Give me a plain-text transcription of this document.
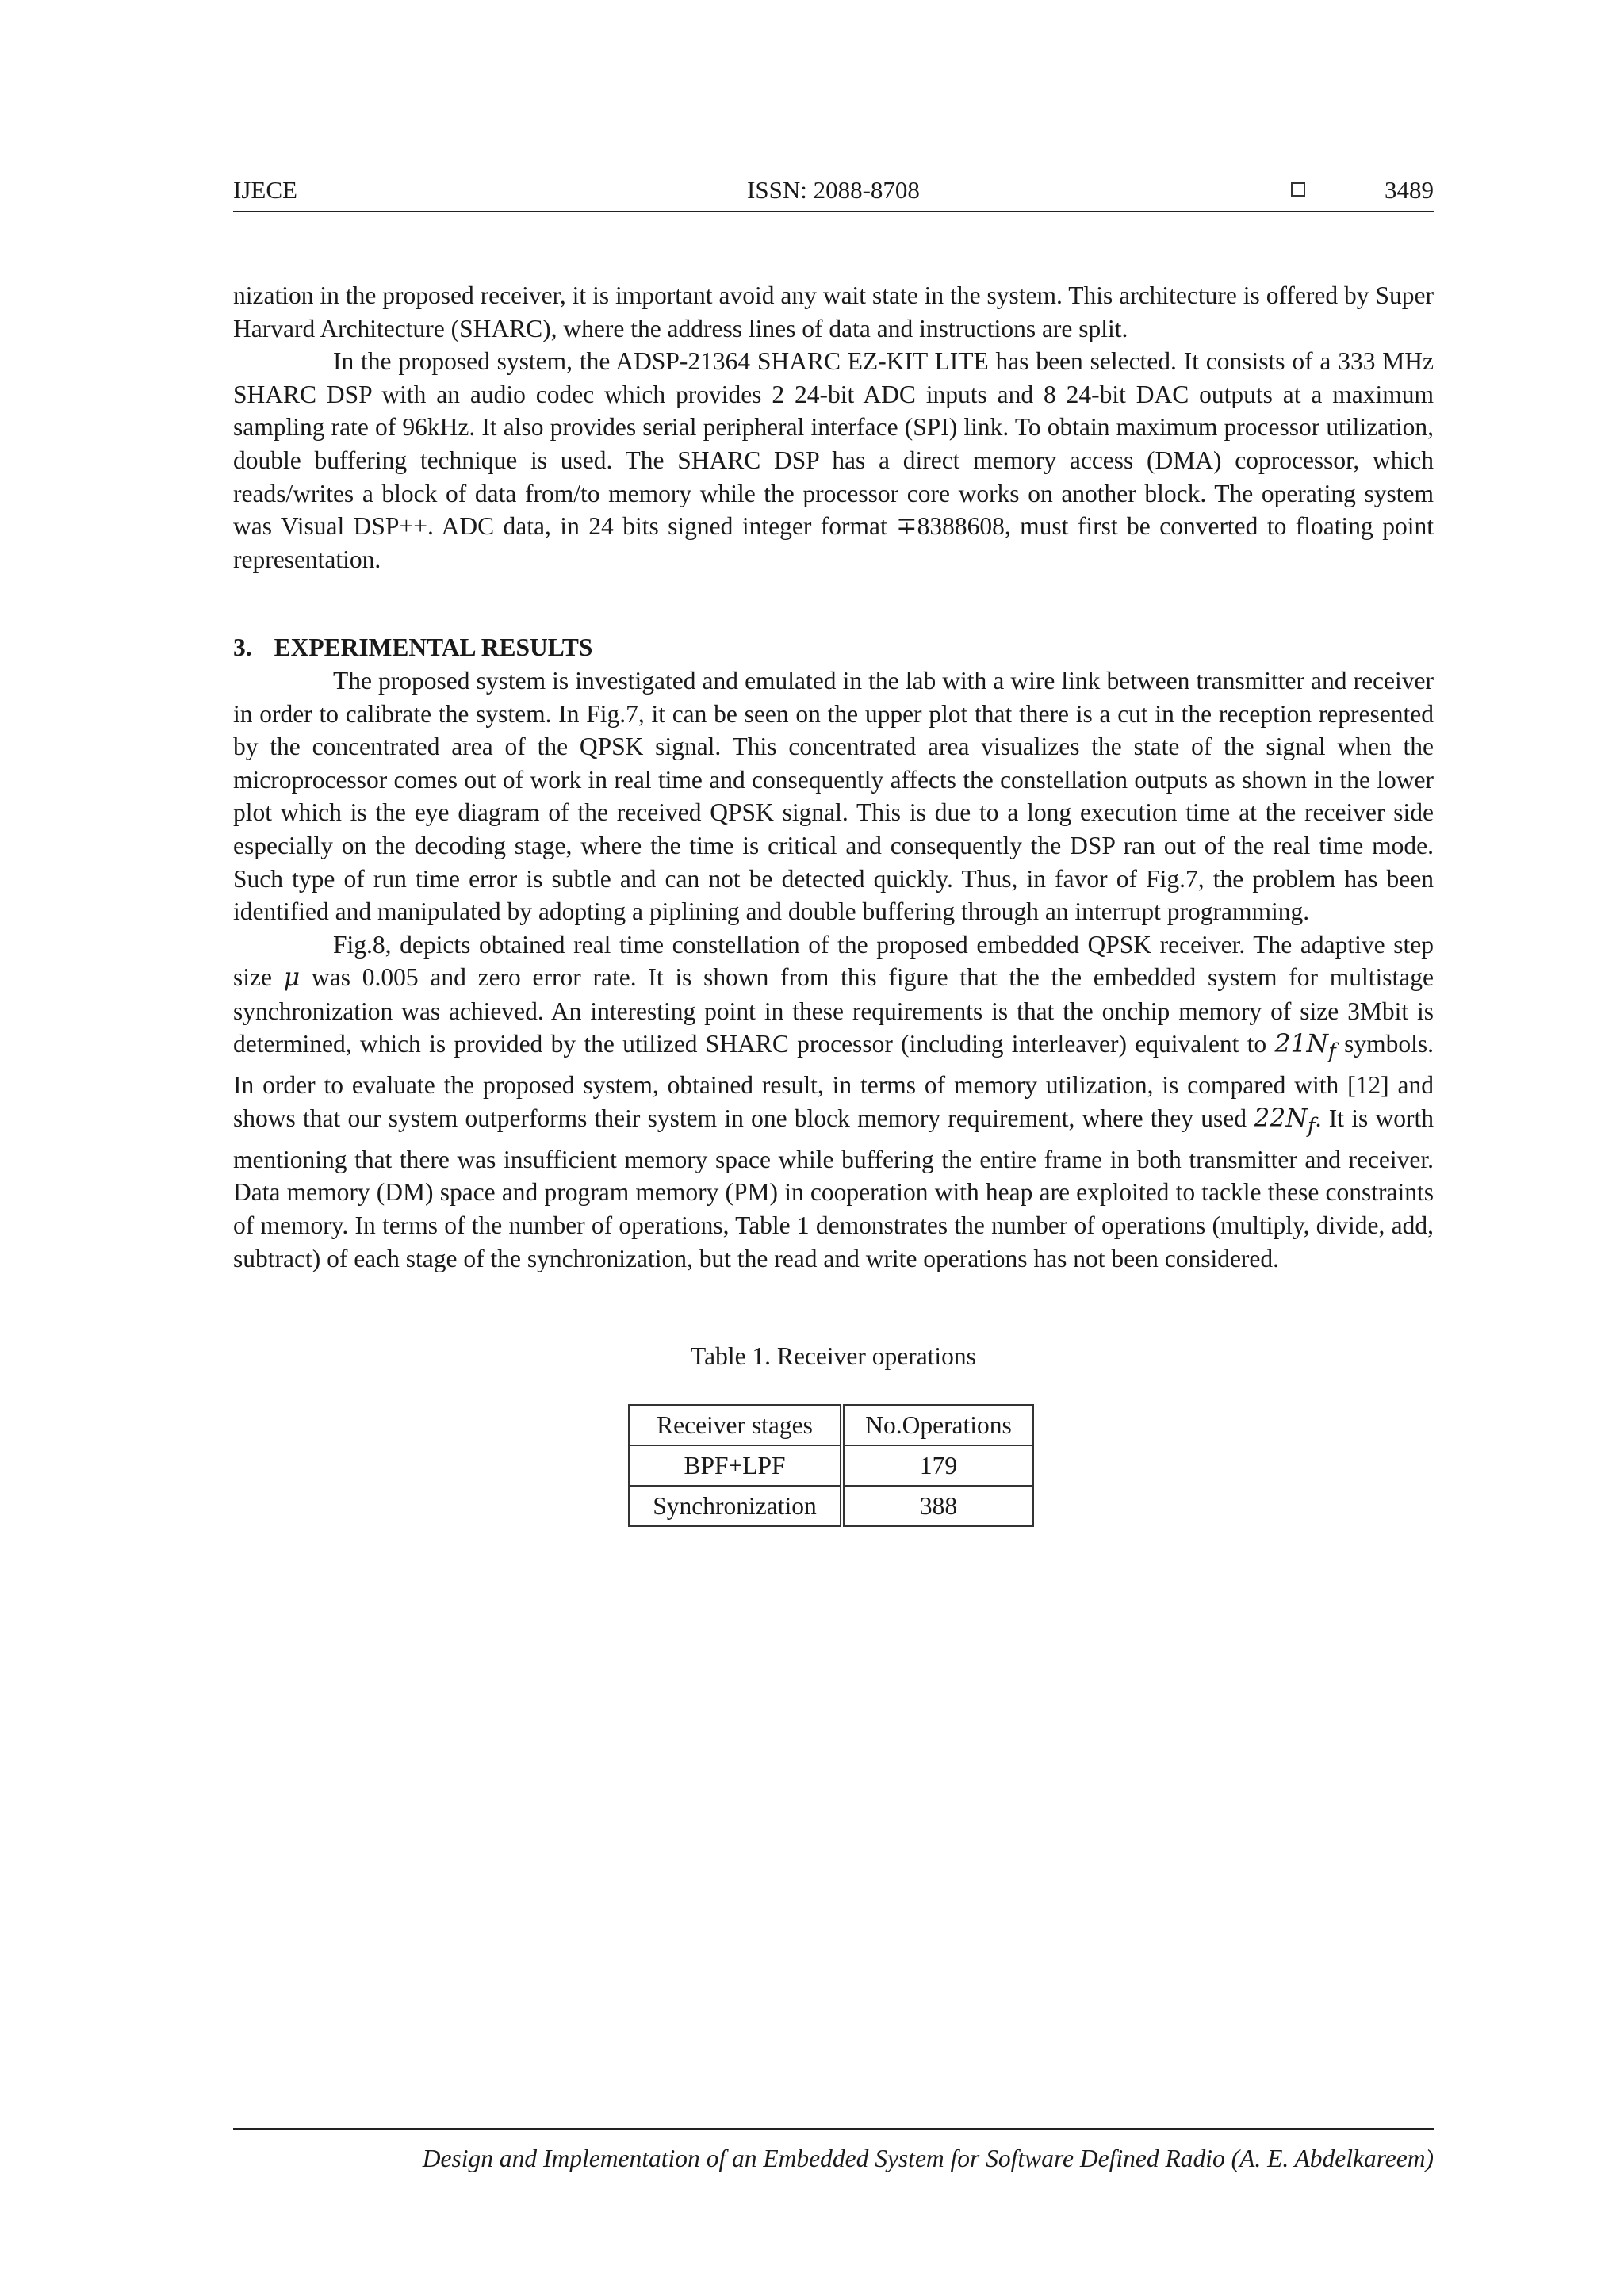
IJECE	ISSN: 2088-8708	3489

nization in the proposed receiver, it is important avoid any wait state in the system. This architecture is offered by Super Harvard Architecture (SHARC), where the address lines of data and instructions are split.

In the proposed system, the ADSP-21364 SHARC EZ-KIT LITE has been selected. It consists of a 333 MHz SHARC DSP with an audio codec which provides 2 24-bit ADC inputs and 8 24-bit DAC outputs at a maximum sampling rate of 96kHz. It also provides serial peripheral interface (SPI) link. To obtain maximum processor utilization, double buffering technique is used. The SHARC DSP has a direct memory access (DMA) coprocessor, which reads/writes a block of data from/to memory while the processor core works on another block. The operating system was Visual DSP++. ADC data, in 24 bits signed integer format ∓8388608, must first be converted to floating point representation.

3. EXPERIMENTAL RESULTS

The proposed system is investigated and emulated in the lab with a wire link between transmitter and receiver in order to calibrate the system. In Fig.7, it can be seen on the upper plot that there is a cut in the reception represented by the concentrated area of the QPSK signal. This concentrated area visualizes the state of the signal when the microprocessor comes out of work in real time and consequently affects the constellation outputs as shown in the lower plot which is the eye diagram of the received QPSK signal. This is due to a long execution time at the receiver side especially on the decoding stage, where the time is critical and consequently the DSP ran out of the real time mode. Such type of run time error is subtle and can not be detected quickly. Thus, in favor of Fig.7, the problem has been identified and manipulated by adopting a piplining and double buffering through an interrupt programming.

Fig.8, depicts obtained real time constellation of the proposed embedded QPSK receiver. The adaptive step size μ was 0.005 and zero error rate. It is shown from this figure that the the embedded system for multistage synchronization was achieved. An interesting point in these requirements is that the onchip memory of size 3Mbit is determined, which is provided by the utilized SHARC processor (including interleaver) equivalent to $21N_f$ symbols. In order to evaluate the proposed system, obtained result, in terms of memory utilization, is compared with [12] and shows that our system outperforms their system in one block memory requirement, where they used $22N_f$. It is worth mentioning that there was insufficient memory space while buffering the entire frame in both transmitter and receiver. Data memory (DM) space and program memory (PM) in cooperation with heap are exploited to tackle these constraints of memory. In terms of the number of operations, Table 1 demonstrates the number of operations (multiply, divide, add, subtract) of each stage of the synchronization, but the read and write operations has not been considered.

Table 1. Receiver operations
Receiver stages	No.Operations
BPF+LPF	179
Synchronization	388
Design and Implementation of an Embedded System for Software Defined Radio (A. E. Abdelkareem)
